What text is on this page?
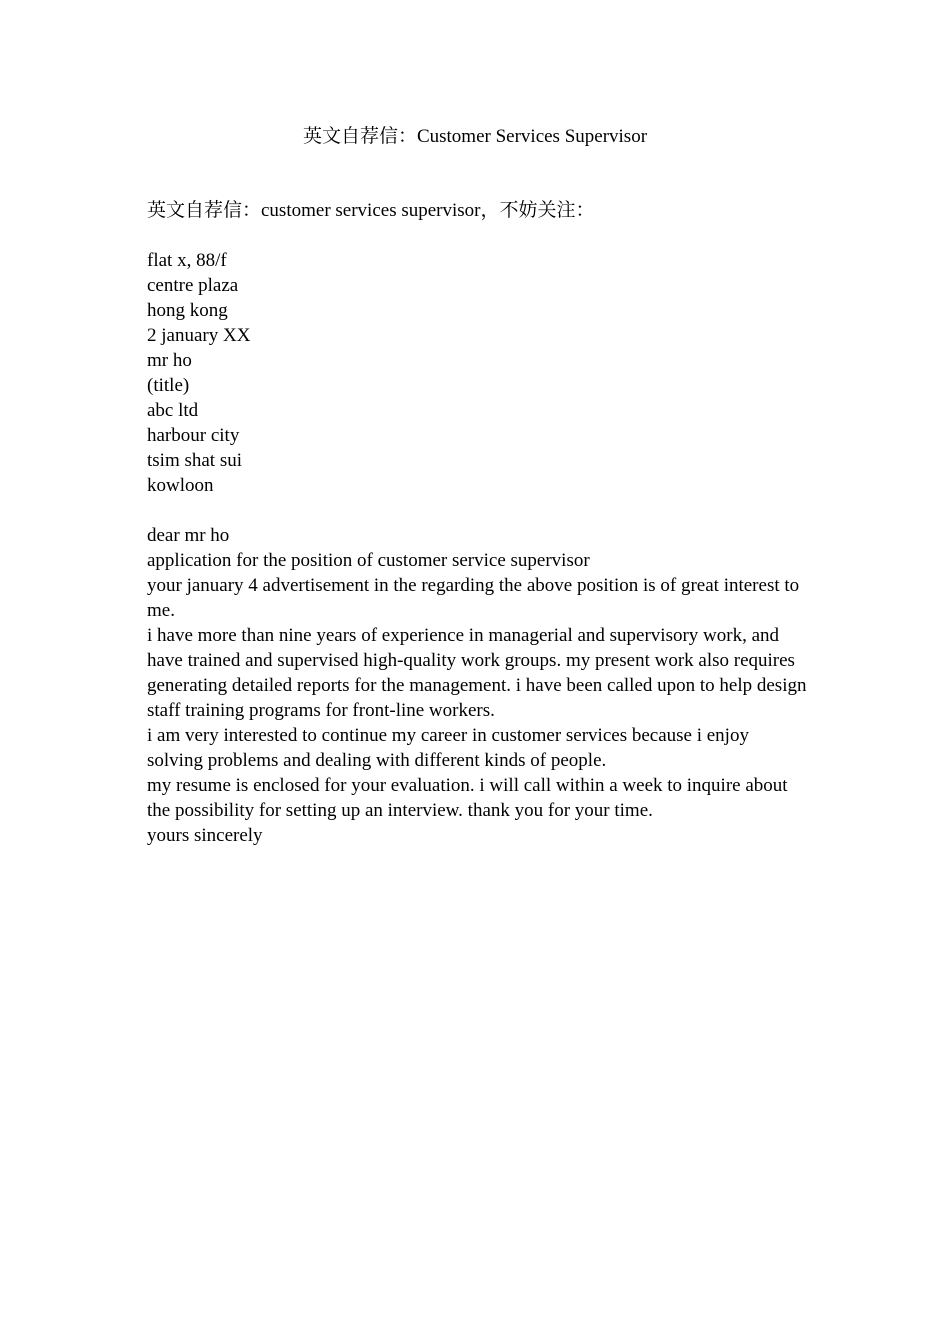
英文自荐信：Customer Services Supervisor
英文自荐信：customer services supervisor，不妨关注：
flat x, 88/f
centre plaza
hong kong
2 january XX
mr ho
(title)
abc ltd
harbour city
tsim shat sui
kowloon
dear mr ho
application for the position of customer service supervisor
your january 4 advertisement in the regarding the above position is of great interest to me.
i have more than nine years of experience in managerial and supervisory work, and have trained and supervised high-quality work groups. my present work also requires generating detailed reports for the management. i have been called upon to help design staff training programs for front-line workers.
i am very interested to continue my career in customer services because i enjoy solving problems and dealing with different kinds of people.
my resume is enclosed for your evaluation. i will call within a week to inquire about the possibility for setting up an interview. thank you for your time.
yours sincerely
